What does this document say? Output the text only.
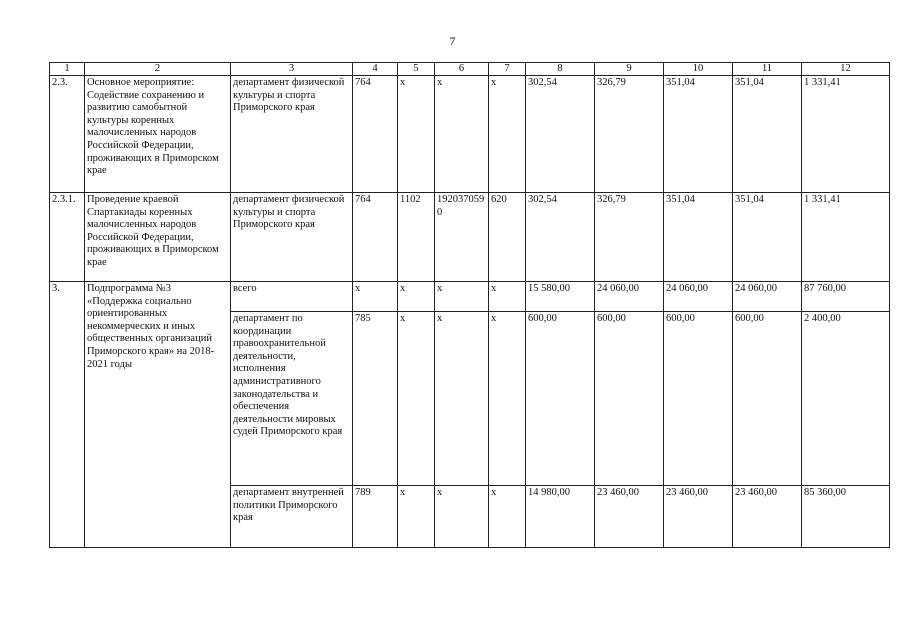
7
1	2	3	4	5	6	7	8	9	10	11	12
2.3.	Основное мероприятие: Содействие сохранению и развитию самобытной культуры коренных малочисленных народов Российской Федерации, проживающих в Приморском крае	департамент физической культуры и спорта Приморского края	764	х	х	х	302,54	326,79	351,04	351,04	1 331,41
2.3.1.	Проведение краевой Спартакиады коренных малочисленных народов Российской Федерации, проживающих в Приморском крае	департамент физической культуры и спорта Приморского края	764	1102	1920370590	620	302,54	326,79	351,04	351,04	1 331,41
3.	Подпрограмма №3 «Поддержка социально ориентированных некоммерческих и иных общественных организаций Приморского края» на 2018-2021 годы	всего	х	х	х	х	15 580,00	24 060,00	24 060,00	24 060,00	87 760,00
		департамент по координации правоохранительной деятельности, исполнения административного законодательства и обеспечения деятельности мировых судей Приморского края	785	х	х	х	600,00	600,00	600,00	600,00	2 400,00
		департамент внутренней политики Приморского края	789	х	х	х	14 980,00	23 460,00	23 460,00	23 460,00	85 360,00
